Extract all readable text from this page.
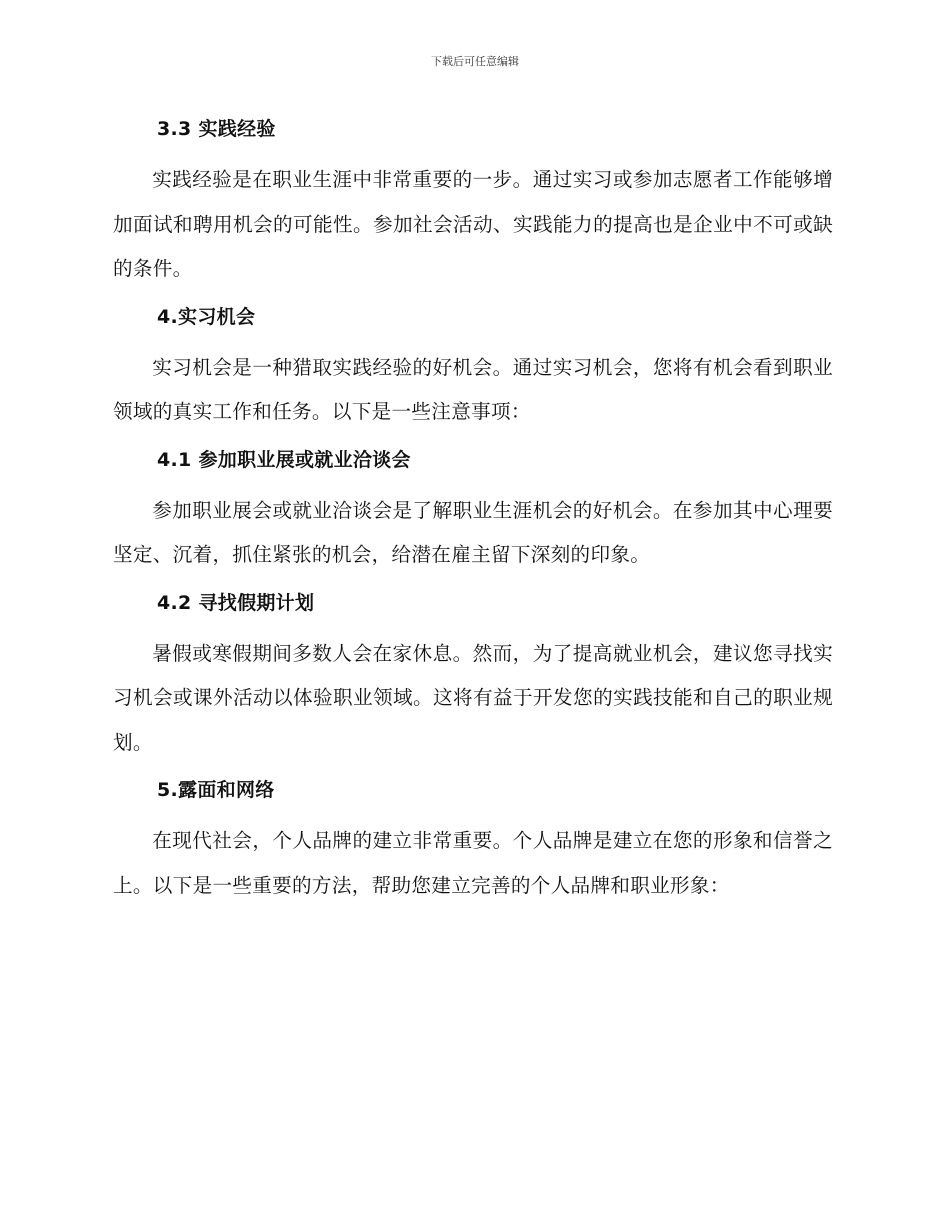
下载后可任意编辑
3.3 实践经验

实践经验是在职业生涯中非常重要的一步。通过实习或参加志愿者工作能够增加面试和聘用机会的可能性。参加社会活动、实践能力的提高也是企业中不可或缺的条件。

4.实习机会

实习机会是一种猎取实践经验的好机会。通过实习机会，您将有机会看到职业领域的真实工作和任务。以下是一些注意事项：

4.1 参加职业展或就业洽谈会

参加职业展会或就业洽谈会是了解职业生涯机会的好机会。在参加其中心理要坚定、沉着，抓住紧张的机会，给潜在雇主留下深刻的印象。

4.2 寻找假期计划

暑假或寒假期间多数人会在家休息。然而，为了提高就业机会，建议您寻找实习机会或课外活动以体验职业领域。这将有益于开发您的实践技能和自己的职业规划。

5.露面和网络

在现代社会，个人品牌的建立非常重要。个人品牌是建立在您的形象和信誉之上。以下是一些重要的方法，帮助您建立完善的个人品牌和职业形象：
